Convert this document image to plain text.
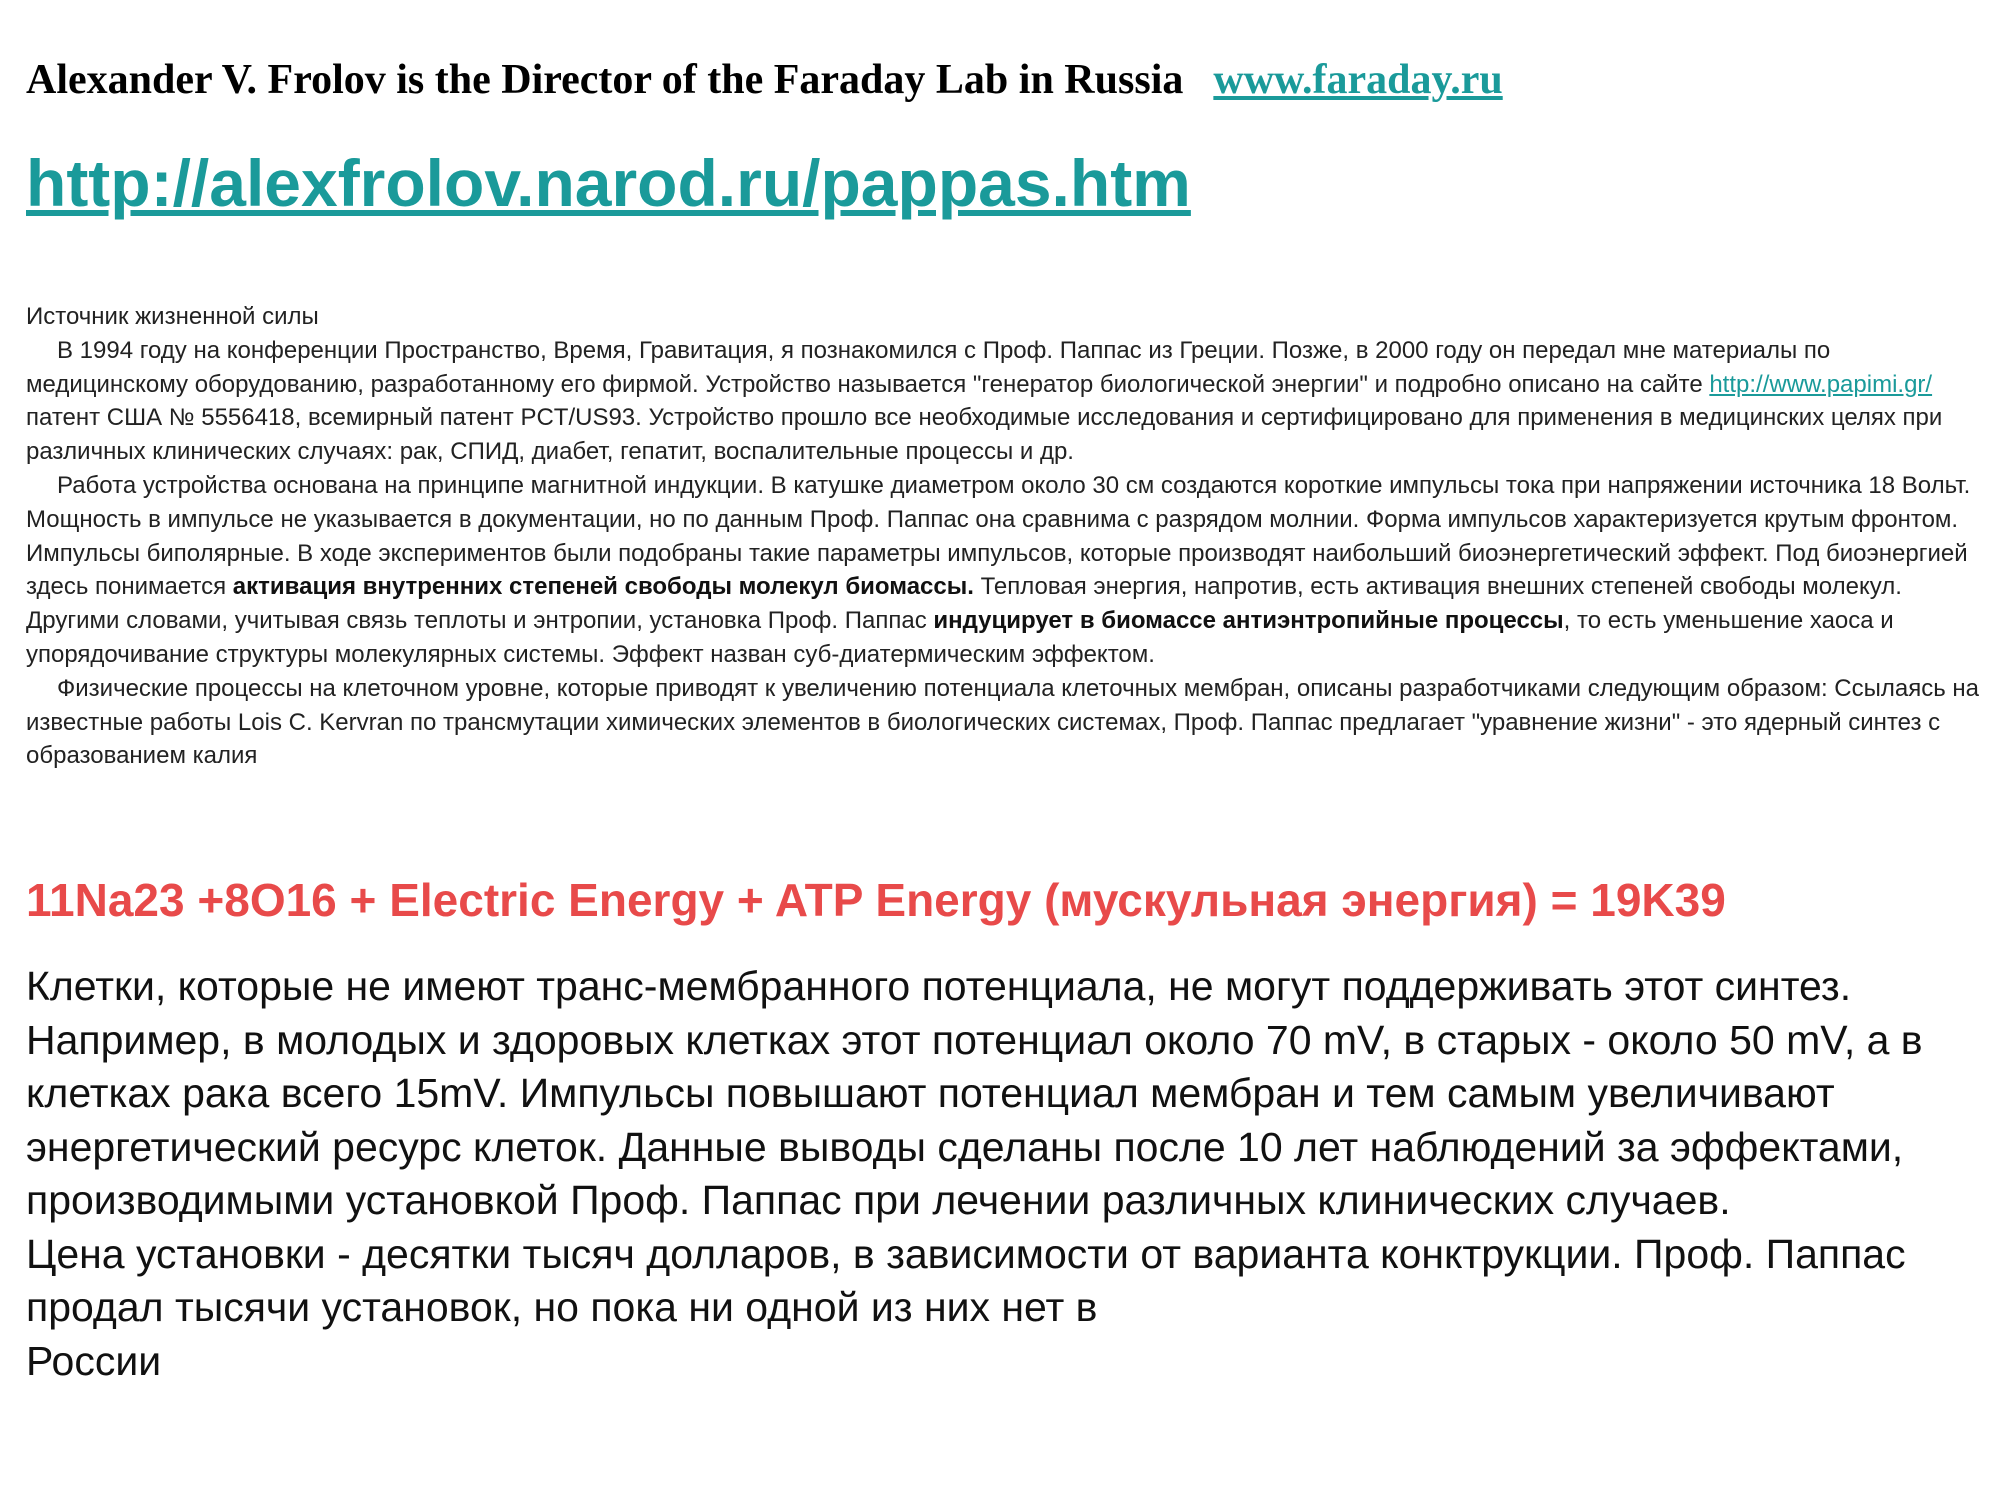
Alexander V. Frolov is the Director of the Faraday Lab in Russia www.faraday.ru
http://alexfrolov.narod.ru/pappas.htm

Источник жизненной силы

В 1994 году на конференции Пространство, Время, Гравитация, я познакомился с Проф. Паппас из Греции. Позже, в 2000 году он передал мне материалы по медицинскому оборудованию, разработанному его фирмой. Устройство называется "генератор биологической энергии" и подробно описано на сайте http://www.papimi.gr/ патент США № 5556418, всемирный патент PCT/US93. Устройство прошло все необходимые исследования и сертифицировано для применения в медицинских целях при различных клинических случаях: рак, СПИД, диабет, гепатит, воспалительные процессы и др.

Работа устройства основана на принципе магнитной индукции. В катушке диаметром около 30 см создаются короткие импульсы тока при напряжении источника 18 Вольт. Мощность в импульсе не указывается в документации, но по данным Проф. Паппас она сравнима с разрядом молнии. Форма импульсов характеризуется крутым фронтом. Импульсы биполярные. В ходе экспериментов были подобраны такие параметры импульсов, которые производят наибольший биоэнергетический эффект. Под биоэнергией здесь понимается активация внутренних степеней свободы молекул биомассы. Тепловая энергия, напротив, есть активация внешних степеней свободы молекул. Другими словами, учитывая связь теплоты и энтропии, установка Проф. Паппас индуцирует в биомассе антиэнтропийные процессы, то есть уменьшение хаоса и упорядочивание структуры молекулярных системы. Эффект назван суб-диатермическим эффектом.

Физические процессы на клеточном уровне, которые приводят к увеличению потенциала клеточных мембран, описаны разработчиками следующим образом: Ссылаясь на известные работы Lois C. Kervran по трансмутации химических элементов в биологических системах, Проф. Паппас предлагает "уравнение жизни" - это ядерный синтез с образованием калия

11Na23 +8O16 + Electric Energy + ATP Energy (мускульная энергия) = 19K39

Клетки, которые не имеют транс-мембранного потенциала, не могут поддерживать этот синтез. Например, в молодых и здоровых клетках этот потенциал около 70 mV, в старых - около 50 mV, а в клетках рака всего 15mV. Импульсы повышают потенциал мембран и тем самым увеличивают энергетический ресурс клеток. Данные выводы сделаны после 10 лет наблюдений за эффектами, производимыми установкой Проф. Паппас при лечении различных клинических случаев.

Цена установки - десятки тысяч долларов, в зависимости от варианта конктрукции. Проф. Паппас продал тысячи установок, но пока ни одной из них нет в

России
